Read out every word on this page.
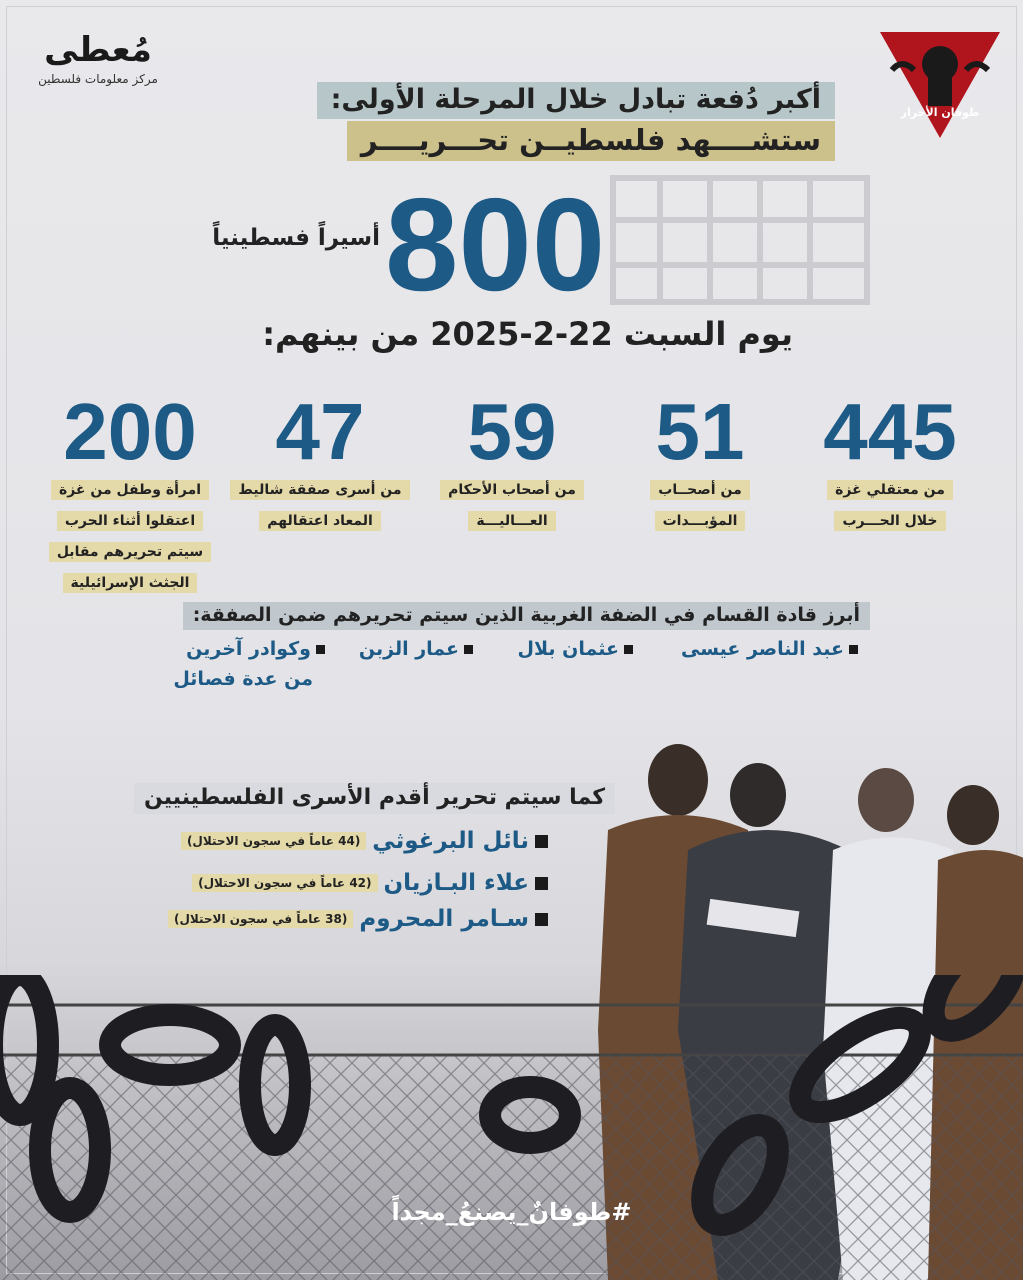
مُعطى
مركز معلومات فلسطين
طوفان الأحرار
أكبر دُفعة تبادل خلال المرحلة الأولى:
ستشــــهد فلسطيــن تحـــريــــر
أسيراً فسطينياً 800
يوم السبت 22-2-2025 من بينهم:
445
من معتقلي غزة
خلال الحـــرب
51
من أصحــاب
المؤبـــدات
59
من أصحاب الأحكام
العـــاليـــة
47
من أسرى صفقة شاليط
المعاد اعتقالهم
200
امرأة وطفل من غزة
اعتقلوا أثناء الحرب
سيتم تحريرهم مقابل
الجثث الإسرائيلية
أبرز قادة القسام في الضفة الغربية الذين سيتم تحريرهم ضمن الصفقة:
عبد الناصر عيسى
عثمان بلال
عمار الزبن
وكوادر آخرين
من عدة فصائل
#طوفانٌ_يصنعُ_مجداً
كما سيتم تحرير أقدم الأسرى الفلسطينيين
نائل البرغوثي
(44 عاماً في سجون الاحتلال)
علاء البـازيان
(42 عاماً في سجون الاحتلال)
سـامر المحروم
(38 عاماً في سجون الاحتلال)
